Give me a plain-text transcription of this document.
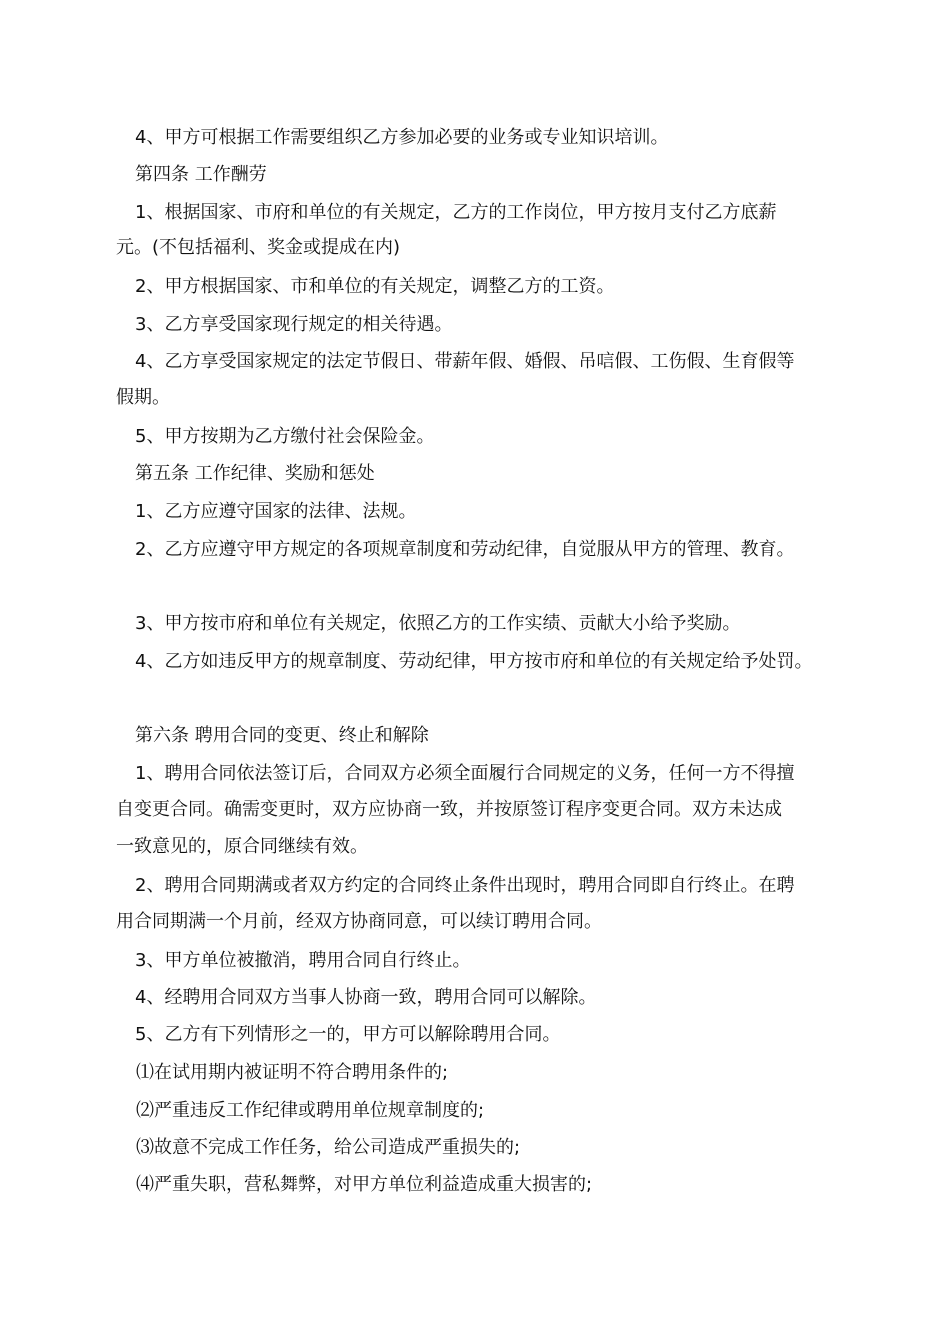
4、甲方可根据工作需要组织乙方参加必要的业务或专业知识培训。
第四条 工作酬劳
1、根据国家、市府和单位的有关规定，乙方的工作岗位，甲方按月支付乙方底薪
元。(不包括福利、奖金或提成在内)
2、甲方根据国家、市和单位的有关规定，调整乙方的工资。
3、乙方享受国家现行规定的相关待遇。
4、乙方享受国家规定的法定节假日、带薪年假、婚假、吊唁假、工伤假、生育假等
假期。
5、甲方按期为乙方缴付社会保险金。
第五条 工作纪律、奖励和惩处
1、乙方应遵守国家的法律、法规。
2、乙方应遵守甲方规定的各项规章制度和劳动纪律，自觉服从甲方的管理、教育。
3、甲方按市府和单位有关规定，依照乙方的工作实绩、贡献大小给予奖励。
4、乙方如违反甲方的规章制度、劳动纪律，甲方按市府和单位的有关规定给予处罚。
第六条 聘用合同的变更、终止和解除
1、聘用合同依法签订后，合同双方必须全面履行合同规定的义务，任何一方不得擅
自变更合同。确需变更时，双方应协商一致，并按原签订程序变更合同。双方未达成
一致意见的，原合同继续有效。
2、聘用合同期满或者双方约定的合同终止条件出现时，聘用合同即自行终止。在聘
用合同期满一个月前，经双方协商同意，可以续订聘用合同。
3、甲方单位被撤消，聘用合同自行终止。
4、经聘用合同双方当事人协商一致，聘用合同可以解除。
5、乙方有下列情形之一的，甲方可以解除聘用合同。
⑴在试用期内被证明不符合聘用条件的;
⑵严重违反工作纪律或聘用单位规章制度的;
⑶故意不完成工作任务，给公司造成严重损失的;
⑷严重失职，营私舞弊，对甲方单位利益造成重大损害的;
